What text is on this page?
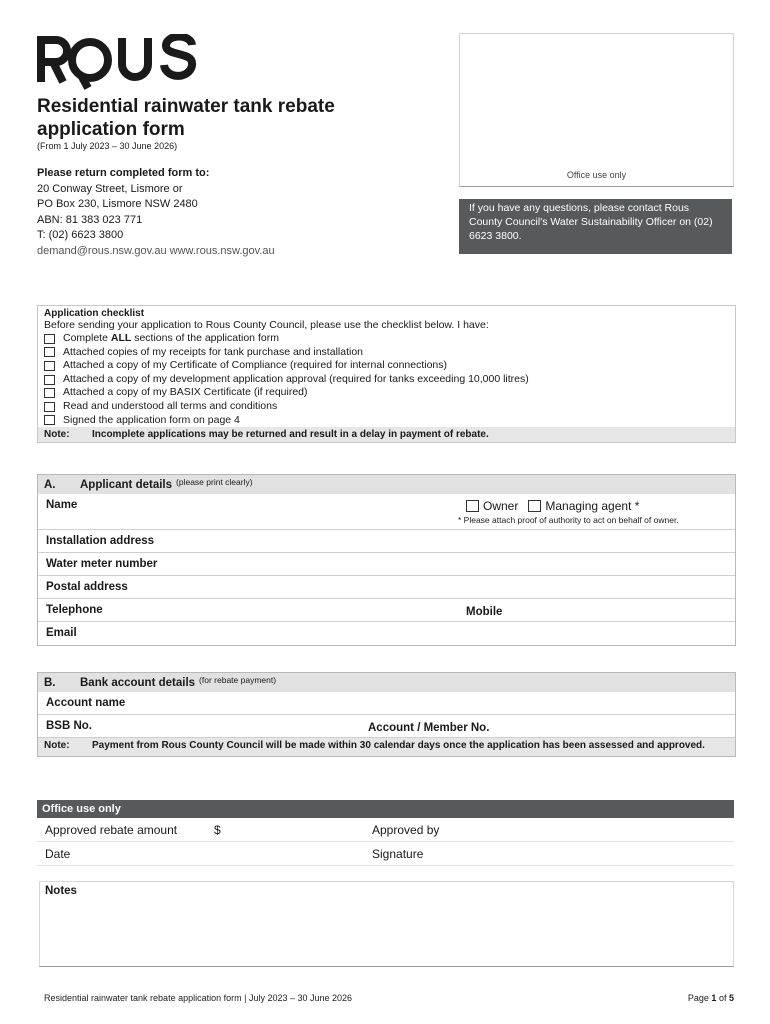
Residential rainwater tank rebate application form
(From 1 July 2023 – 30 June 2026)
Please return completed form to:
20 Conway Street, Lismore or
PO Box 230, Lismore NSW 2480
ABN: 81 383 023 771
T: (02) 6623 3800
demand@rous.nsw.gov.au www.rous.nsw.gov.au
Office use only
If you have any questions, please contact Rous County Council's Water Sustainability Officer on (02) 6623 3800.
Application checklist
Before sending your application to Rous County Council, please use the checklist below. I have:
Complete ALL sections of the application form
Attached copies of my receipts for tank purchase and installation
Attached a copy of my Certificate of Compliance (required for internal connections)
Attached a copy of my development application approval (required for tanks exceeding 10,000 litres)
Attached a copy of my BASIX Certificate (if required)
Read and understood all terms and conditions
Signed the application form on page 4
Note:	Incomplete applications may be returned and result in a delay in payment of rebate.
A.	Applicant details (please print clearly)
Name	Owner Managing agent *
* Please attach proof of authority to act on behalf of owner.
Installation address
Water meter number
Postal address
Telephone	Mobile
Email
B.	Bank account details (for rebate payment)
Account name
BSB No.	Account / Member No.
Note:	Payment from Rous County Council will be made within 30 calendar days once the application has been assessed and approved.
Office use only
Approved rebate amount	$	Approved by
Date	Signature
Notes
Residential rainwater tank rebate application form | July 2023 – 30 June 2026	Page 1 of 5
